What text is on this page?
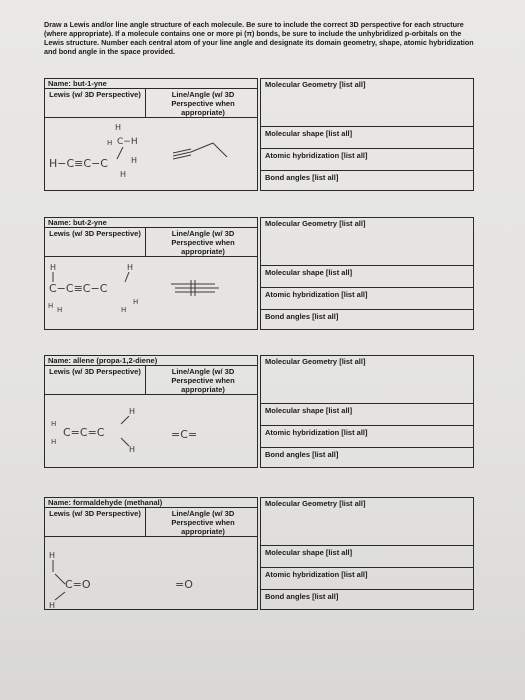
Draw a Lewis and/or line angle structure of each molecule. Be sure to include the correct 3D perspective for each structure (where appropriate). If a molecule contains one or more pi (π) bonds, be sure to include the unhybridized p-orbitals on the Lewis structure. Number each central atom of your line angle and designate its domain geometry, shape, atomic hybridization and bond angle in the space provided.
Name: but-1-yne
Lewis (w/ 3D Perspective)	Line/Angle (w/ 3D Perspective when appropriate)
H
C−H
H
H−C≡C−C	H
H
Molecular Geometry [list all]
Molecular shape [list all]
Atomic hybridization [list all]
Bond angles [list all]
Name: but-2-yne
Lewis (w/ 3D Perspective)	Line/Angle (w/ 3D Perspective when appropriate)
H	H
C−C≡C−C
H H
H
H
Molecular Geometry [list all]
Molecular shape [list all]
Atomic hybridization [list all]
Bond angles [list all]
Name: allene (propa-1,2-diene)
Lewis (w/ 3D Perspective)	Line/Angle (w/ 3D Perspective when appropriate)
H
H
C=C=C
H
H
=C=
Molecular Geometry [list all]
Molecular shape [list all]
Atomic hybridization [list all]
Bond angles [list all]
Name: formaldehyde (methanal)
Lewis (w/ 3D Perspective)	Line/Angle (w/ 3D Perspective when appropriate)
H
C=O
H
=O
Molecular Geometry [list all]
Molecular shape [list all]
Atomic hybridization [list all]
Bond angles [list all]
